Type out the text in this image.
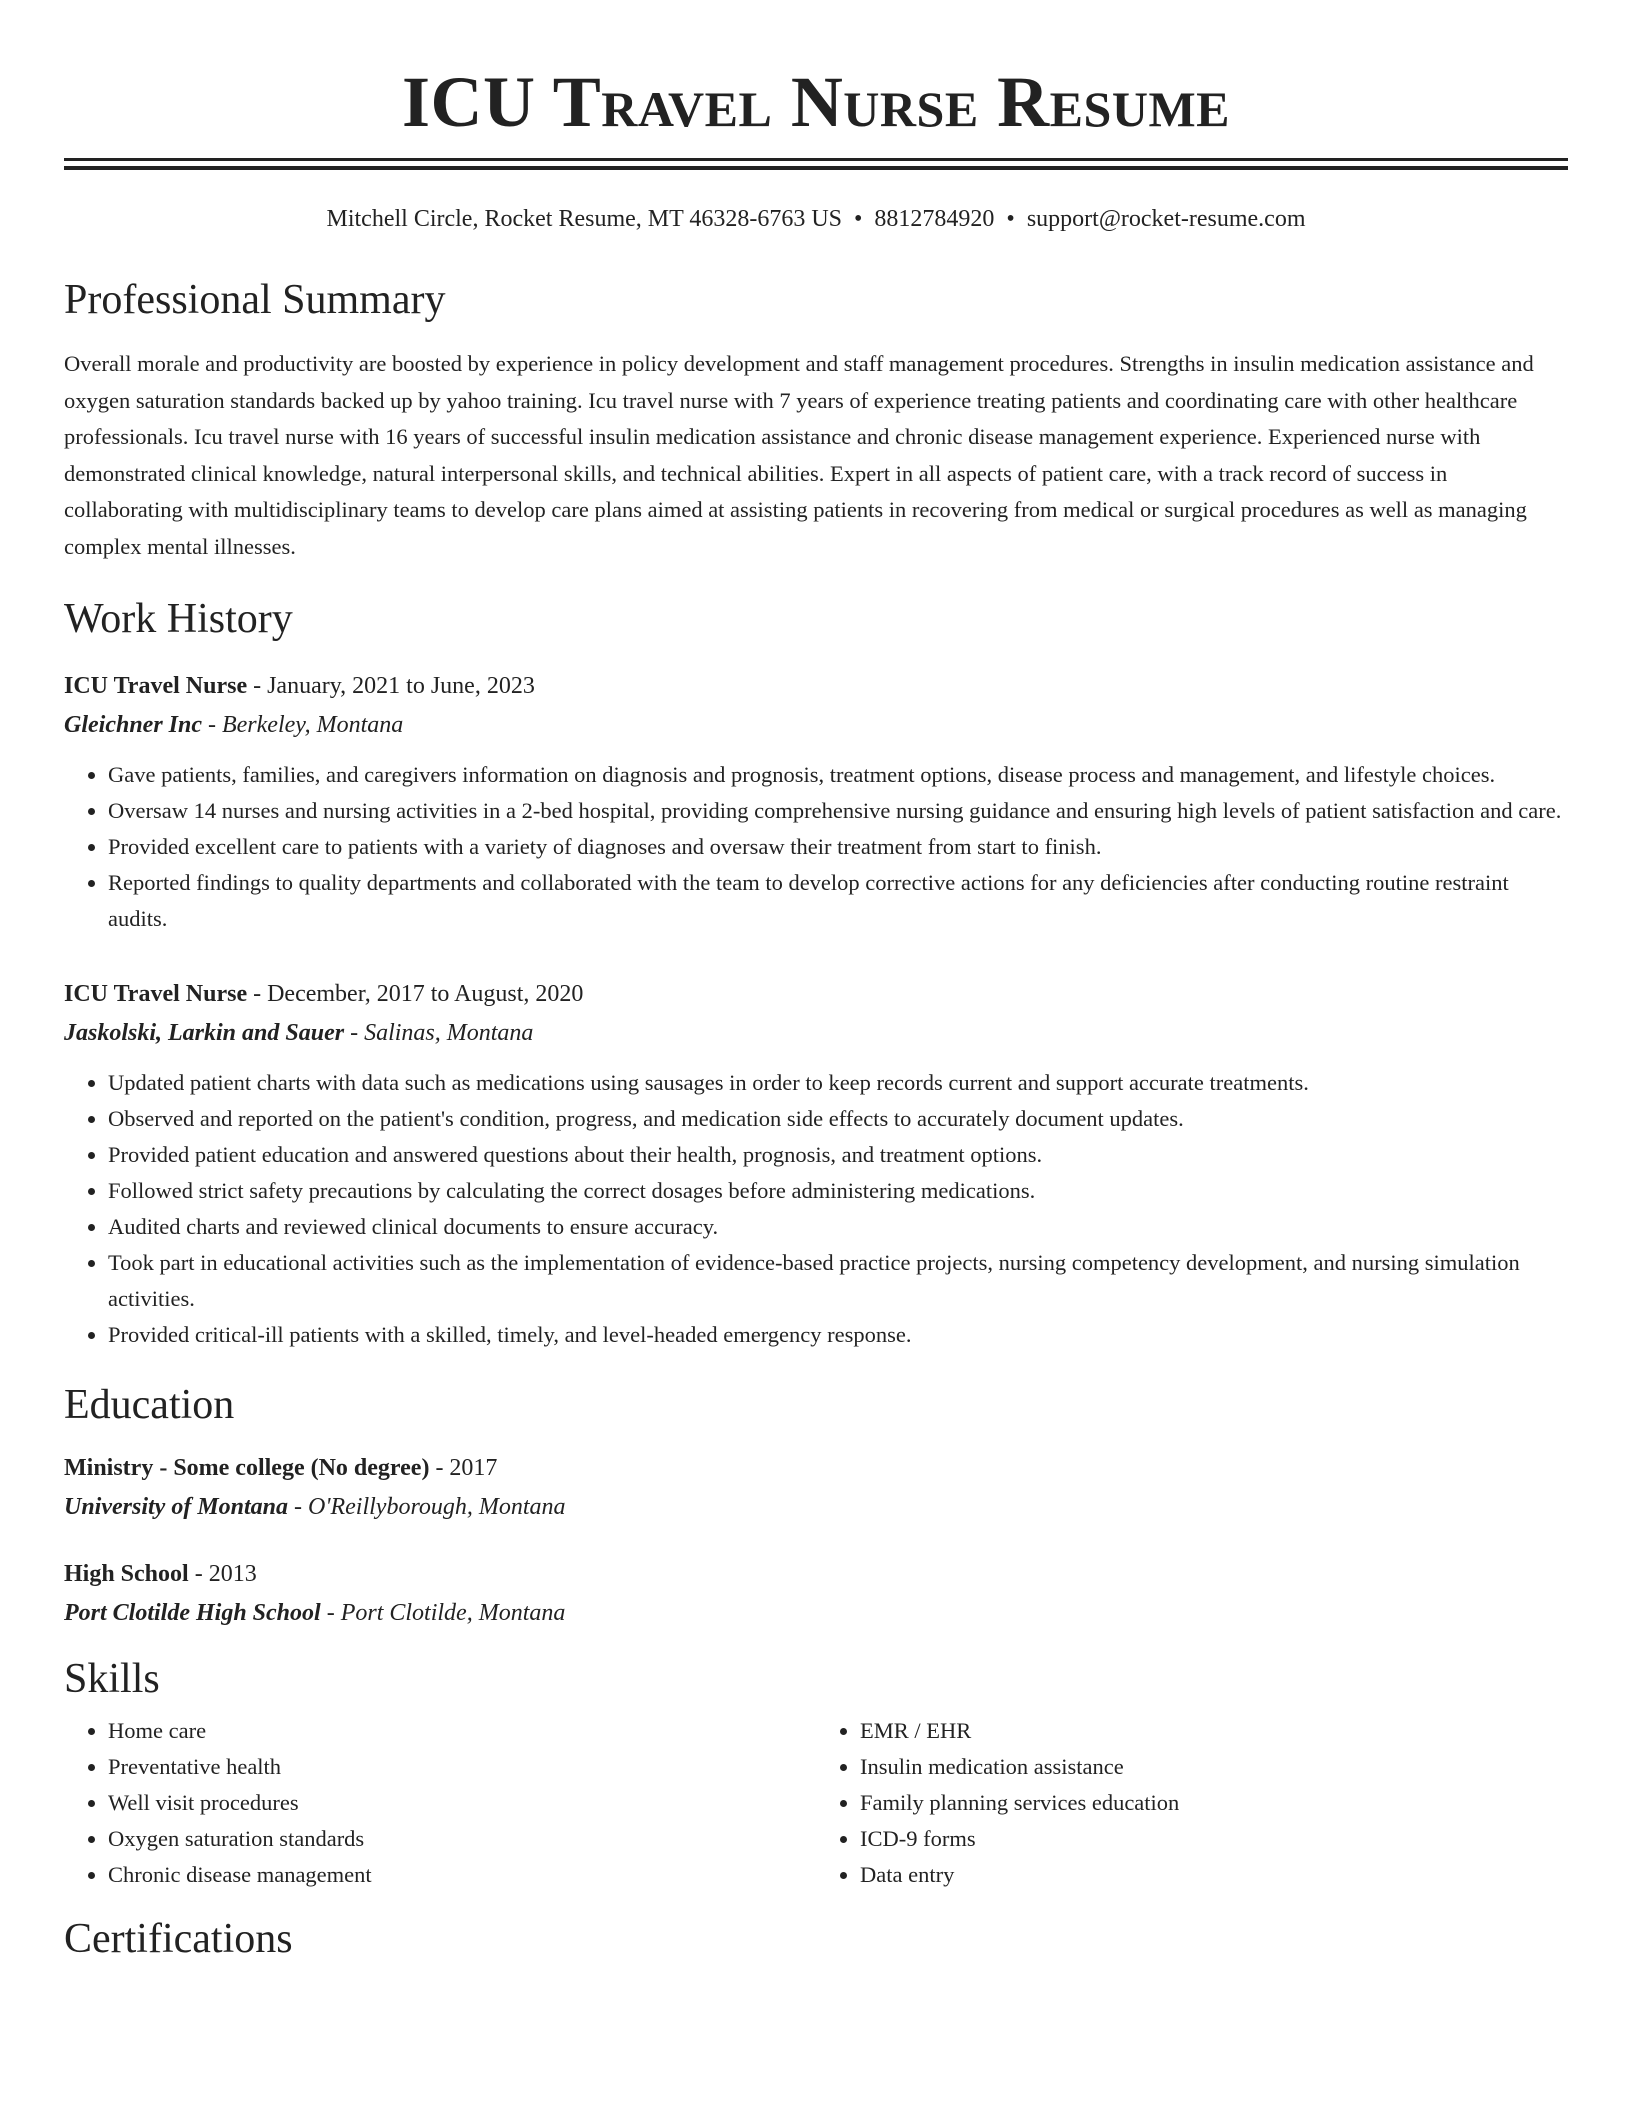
ICU Travel Nurse Resume
Mitchell Circle, Rocket Resume, MT 46328-6763 US • 8812784920 • support@rocket-resume.com
Professional Summary

Overall morale and productivity are boosted by experience in policy development and staff management procedures. Strengths in insulin medication assistance and oxygen saturation standards backed up by yahoo training. Icu travel nurse with 7 years of experience treating patients and coordinating care with other healthcare professionals. Icu travel nurse with 16 years of successful insulin medication assistance and chronic disease management experience. Experienced nurse with demonstrated clinical knowledge, natural interpersonal skills, and technical abilities. Expert in all aspects of patient care, with a track record of success in collaborating with multidisciplinary teams to develop care plans aimed at assisting patients in recovering from medical or surgical procedures as well as managing complex mental illnesses.

Work History
ICU Travel Nurse - January, 2021 to June, 2023
Gleichner Inc - Berkeley, Montana
• Gave patients, families, and caregivers information on diagnosis and prognosis, treatment options, disease process and management, and lifestyle choices.
• Oversaw 14 nurses and nursing activities in a 2-bed hospital, providing comprehensive nursing guidance and ensuring high levels of patient satisfaction and care.
• Provided excellent care to patients with a variety of diagnoses and oversaw their treatment from start to finish.
• Reported findings to quality departments and collaborated with the team to develop corrective actions for any deficiencies after conducting routine restraint audits.
ICU Travel Nurse - December, 2017 to August, 2020
Jaskolski, Larkin and Sauer - Salinas, Montana
• Updated patient charts with data such as medications using sausages in order to keep records current and support accurate treatments.
• Observed and reported on the patient's condition, progress, and medication side effects to accurately document updates.
• Provided patient education and answered questions about their health, prognosis, and treatment options.
• Followed strict safety precautions by calculating the correct dosages before administering medications.
• Audited charts and reviewed clinical documents to ensure accuracy.
• Took part in educational activities such as the implementation of evidence-based practice projects, nursing competency development, and nursing simulation activities.
• Provided critical-ill patients with a skilled, timely, and level-headed emergency response.
Education
Ministry - Some college (No degree) - 2017
University of Montana - O'Reillyborough, Montana
High School - 2013
Port Clotilde High School - Port Clotilde, Montana
Skills
• Home care
• Preventative health
• Well visit procedures
• Oxygen saturation standards
• Chronic disease management
• EMR / EHR
• Insulin medication assistance
• Family planning services education
• ICD-9 forms
• Data entry
Certifications
